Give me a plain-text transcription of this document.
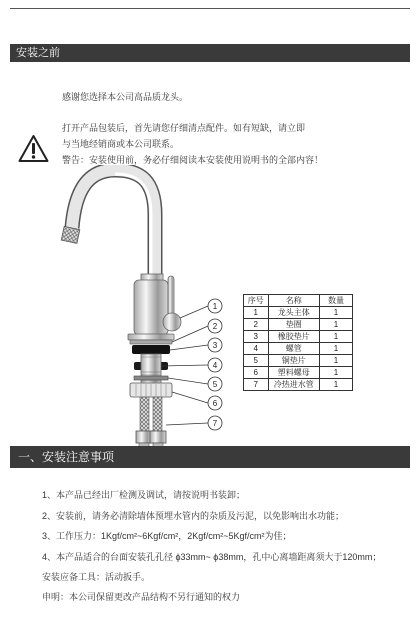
安装之前
感谢您选择本公司高品质龙头。
打开产品包装后，首先请您仔细清点配件。如有短缺，请立即
与当地经销商或本公司联系。
警告：安装使用前，务必仔细阅读本安装使用说明书的全部内容！
1
2
3
4
5
6
7
序号	名称	数量
1	龙头主体	1
2	垫圈	1
3	橡胶垫片	1
4	螺管	1
5	铜垫片	1
6	塑料螺母	1
7	冷热进水管	1
一、安装注意事项
1、本产品已经出厂检测及调试，请按说明书装卸；
2、安装前，请务必清除墙体预埋水管内的杂质及污泥，以免影响出水功能；
3、工作压力：1Kgf/cm²~6Kgf/cm²，2Kgf/cm²~5Kgf/cm²为佳；
4、本产品适合的台面安装孔孔径 ϕ33mm~ ϕ38mm，孔中心离墙距离须大于120mm；
安装应备工具：活动扳手。
申明：本公司保留更改产品结构不另行通知的权力
